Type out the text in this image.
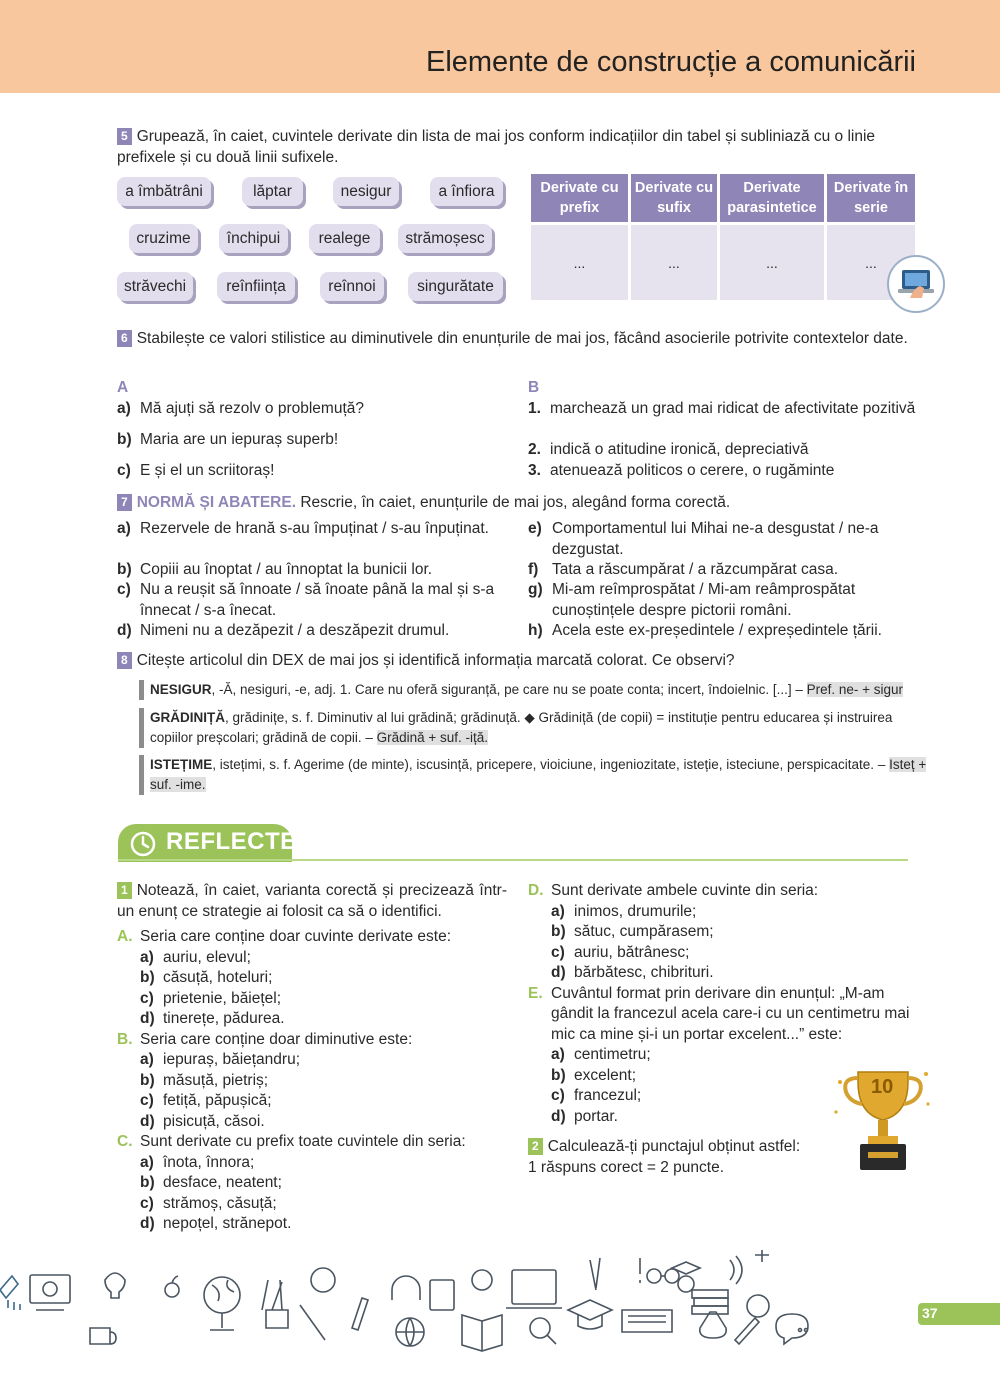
Elemente de construcție a comunicării
5 Grupează, în caiet, cuvintele derivate din lista de mai jos conform indicațiilor din tabel și subliniază cu o linie prefixele și cu două linii sufixele.
a îmbătrâni	lăptar	nesigur	a înfiora
cruzime	închipui	realege	strămoșesc
străvechi	reînființa	reînnoi	singurătate
Derivate cu prefix	Derivate cu sufix	Derivate parasintetice	Derivate în serie
...	...	...	...
6 Stabilește ce valori stilistice au diminutivele din enunțurile de mai jos, făcând asocierile potrivite contextelor date.
A	B
a) Mă ajuți să rezolv o problemuță?
b) Maria are un iepuraș superb!
c) E și el un scriitoraș!
1. marchează un grad mai ridicat de afectivitate pozitivă
2. indică o atitudine ironică, depreciativă
3. atenuează politicos o cerere, o rugăminte
7 NORMĂ ȘI ABATERE. Rescrie, în caiet, enunțurile de mai jos, alegând forma corectă.
a) Rezervele de hrană s-au împuținat / s-au înpuținat.
b) Copiii au înoptat / au înnoptat la bunicii lor.
c) Nu a reușit să înnoate / să înoate până la mal și s-a înnecat / s-a înecat.
d) Nimeni nu a dezăpezit / a deszăpezit drumul.
e) Comportamentul lui Mihai ne-a desgustat / ne-a dezgustat.
f) Tata a răscumpărat / a răzcumpărat casa.
g) Mi-am reîmprospătat / Mi-am reâmprospătat cunoștințele despre pictorii români.
h) Acela este ex-președintele / expreședintele țării.
8 Citește articolul din DEX de mai jos și identifică informația marcată colorat. Ce observi?
NESIGUR, -Ă, nesiguri, -e, adj. 1. Care nu oferă siguranță, pe care nu se poate conta; incert, îndoielnic. [...] – Pref. ne- + sigur
GRĂDINIȚĂ, grădinițe, s. f. Diminutiv al lui grădină; grădinuță. ◆ Grădiniță (de copii) = instituție pentru educarea și instruirea copiilor preșcolari; grădină de copii. – Grădină + suf. -iță.
ISTEȚIME, istețimi, s. f. Agerime (de minte), iscusință, pricepere, vioiciune, ingeniozitate, isteție, isteciune, perspicacitate. – Isteț + suf. -ime.
REFLECTEZ
1 Notează, în caiet, varianta corectă și precizează într-un enunț ce strategie ai folosit ca să o identifici.
A. Seria care conține doar cuvinte derivate este:
a) auriu, elevul;
b) căsuță, hoteluri;
c) prietenie, băiețel;
d) tinerețe, pădurea.
B. Seria care conține doar diminutive este:
a) iepuraș, băiețandru;
b) măsuță, pietriș;
c) fetiță, păpușică;
d) pisicuță, căsoi.
C. Sunt derivate cu prefix toate cuvintele din seria:
a) înota, înnora;
b) desface, neatent;
c) strămoș, căsuță;
d) nepoțel, strănepot.
D. Sunt derivate ambele cuvinte din seria:
a) inimos, drumurile;
b) sătuc, cumpărasem;
c) auriu, bătrânesc;
d) bărbătesc, chibrituri.
E. Cuvântul format prin derivare din enunțul: „M-am gândit la francezul acela care-i cu un centimetru mai mic ca mine și-i un portar excelent...” este:
a) centimetru;
b) excelent;
c) francezul;
d) portar.
2 Calculează-ți punctajul obținut astfel: 1 răspuns corect = 2 puncte.
10
37
